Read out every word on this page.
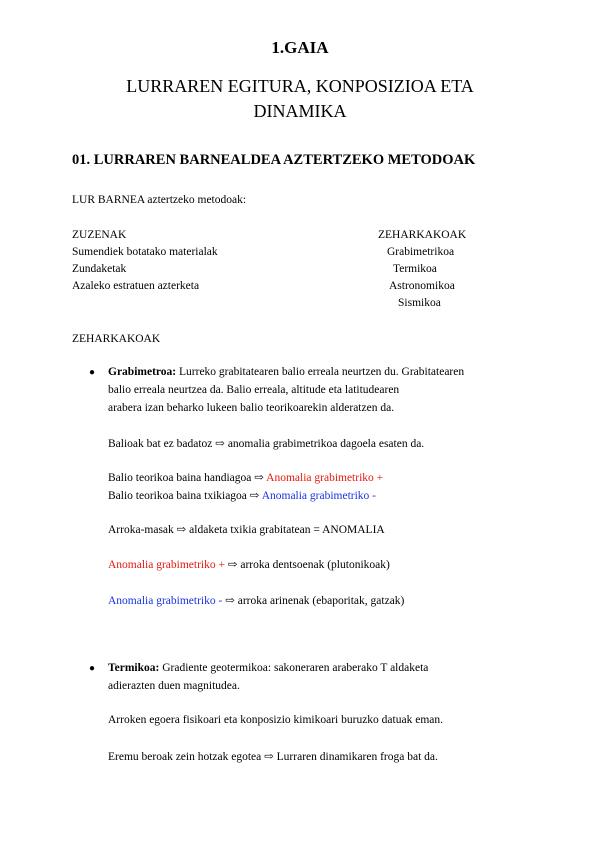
1.GAIA
LURRAREN EGITURA, KONPOSIZIOA ETA
DINAMIKA
01. LURRAREN BARNEALDEA AZTERTZEKO METODOAK
LUR BARNEA aztertzeko metodoak:
ZUZENAK
Sumendiek botatako materialak
Zundaketak
Azaleko estratuen azterketa
ZEHARKAKOAK
Grabimetrikoa
Termikoa
Astronomikoa
Sismikoa
ZEHARKAKOAK
● Grabimetroa: Lurreko grabitatearen balio erreala neurtzen du. Grabitatearen
balio erreala neurtzea da. Balio erreala, altitude eta latitudearen
arabera izan beharko lukeen balio teorikoarekin alderatzen da.
Balioak bat ez badatoz ⇨ anomalia grabimetrikoa dagoela esaten da.
Balio teorikoa baina handiagoa ⇨ Anomalia grabimetriko +
Balio teorikoa baina txikiagoa ⇨ Anomalia grabimetriko -
Arroka-masak ⇨ aldaketa txikia grabitatean = ANOMALIA
Anomalia grabimetriko + ⇨ arroka dentsoenak (plutonikoak)
Anomalia grabimetriko - ⇨ arroka arinenak (ebaporitak, gatzak)
● Termikoa: Gradiente geotermikoa: sakoneraren araberako T aldaketa
adierazten duen magnitudea.
Arroken egoera fisikoari eta konposizio kimikoari buruzko datuak eman.
Eremu beroak zein hotzak egotea ⇨ Lurraren dinamikaren froga bat da.
